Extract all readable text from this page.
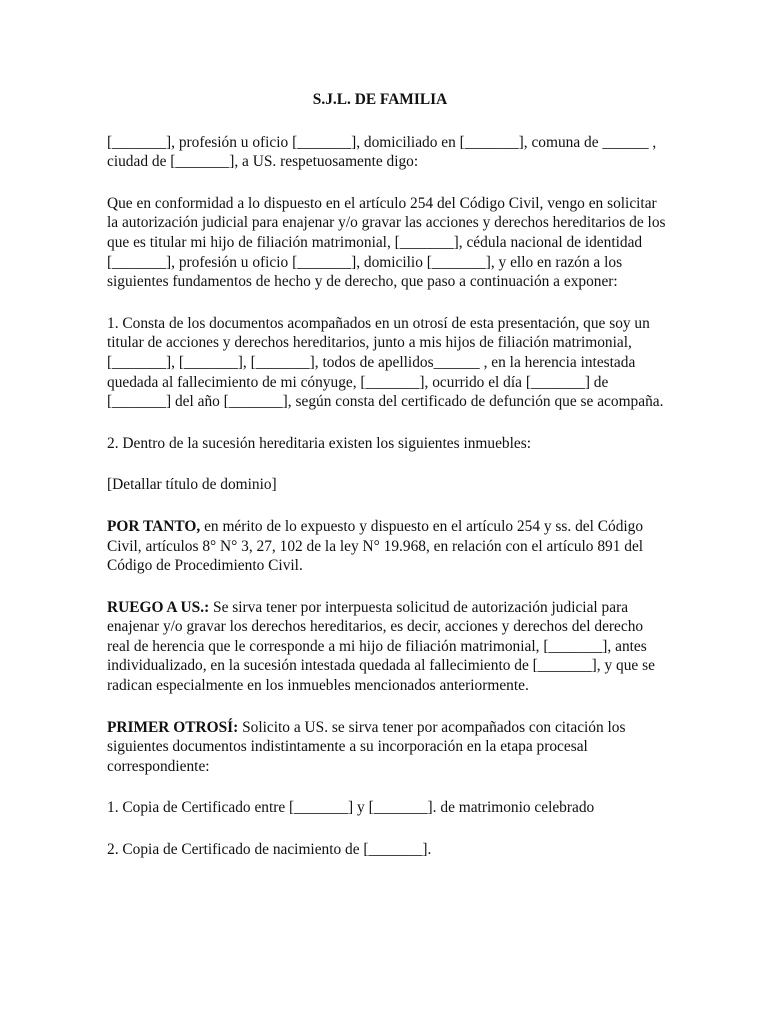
S.J.L. DE FAMILIA

[_______], profesión u oficio [_______], domiciliado en [_______], comuna de ______ , ciudad de [_______], a US. respetuosamente digo:

Que en conformidad a lo dispuesto en el artículo 254 del Código Civil, vengo en solicitar la autorización judicial para enajenar y/o gravar las acciones y derechos hereditarios de los que es titular mi hijo de filiación matrimonial, [_______], cédula nacional de identidad [_______], profesión u oficio [_______], domicilio [_______], y ello en razón a los siguientes fundamentos de hecho y de derecho, que paso a continuación a exponer:

1. Consta de los documentos acompañados en un otrosí de esta presentación, que soy un titular de acciones y derechos hereditarios, junto a mis hijos de filiación matrimonial, [_______], [_______], [_______], todos de apellidos______ , en la herencia intestada quedada al fallecimiento de mi cónyuge, [_______], ocurrido el día [_______] de [_______] del año [_______], según consta del certificado de defunción que se acompaña.

2. Dentro de la sucesión hereditaria existen los siguientes inmuebles:

[Detallar título de dominio]

POR TANTO, en mérito de lo expuesto y dispuesto en el artículo 254 y ss. del Código Civil, artículos 8° N° 3, 27, 102 de la ley N° 19.968, en relación con el artículo 891 del Código de Procedimiento Civil.

RUEGO A US.: Se sirva tener por interpuesta solicitud de autorización judicial para enajenar y/o gravar los derechos hereditarios, es decir, acciones y derechos del derecho real de herencia que le corresponde a mi hijo de filiación matrimonial, [_______], antes individualizado, en la sucesión intestada quedada al fallecimiento de [_______], y que se radican especialmente en los inmuebles mencionados anteriormente.

PRIMER OTROSÍ: Solicito a US. se sirva tener por acompañados con citación los siguientes documentos indistintamente a su incorporación en la etapa procesal correspondiente:

1. Copia de Certificado entre [_______] y [_______]. de matrimonio celebrado

2. Copia de Certificado de nacimiento de [_______].
